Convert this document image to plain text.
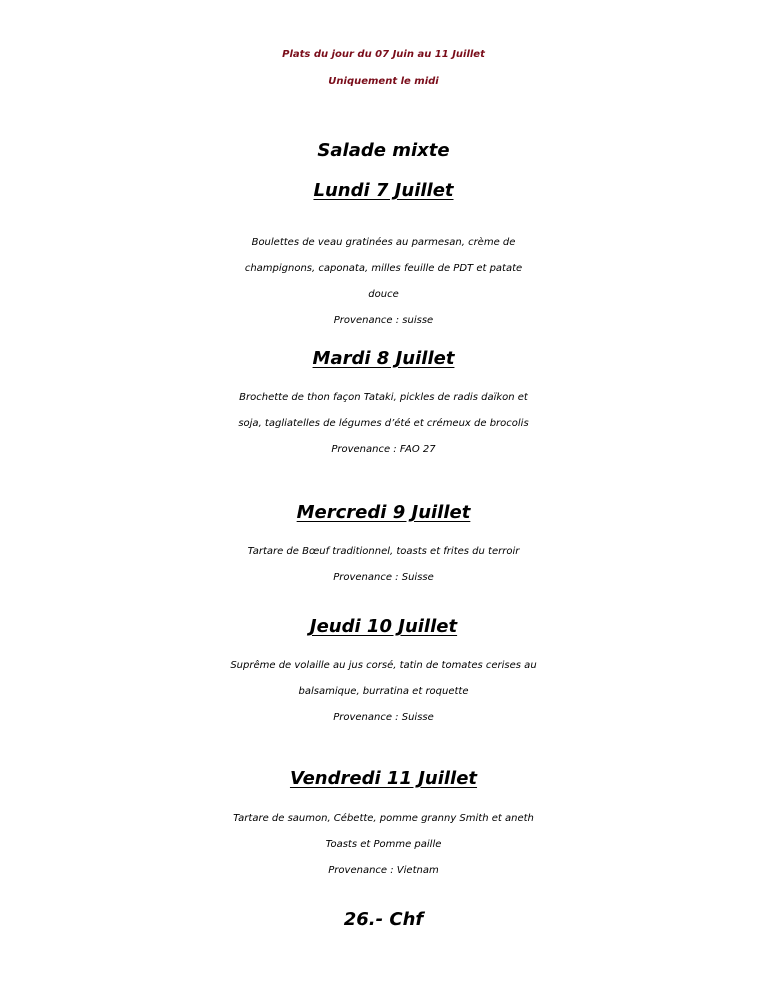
Plats du jour du 07 Juin au 11 Juillet
Uniquement le midi
Salade mixte
Lundi 7 Juillet
Boulettes de veau gratinées au parmesan, crème de
champignons, caponata, milles feuille de PDT et patate
douce
Provenance : suisse
Mardi 8 Juillet
Brochette de thon façon Tataki, pickles de radis daïkon et
soja, tagliatelles de légumes d’été et crémeux de brocolis
Provenance : FAO 27
Mercredi 9 Juillet
Tartare de Bœuf traditionnel, toasts et frites du terroir
Provenance : Suisse
Jeudi 10 Juillet
Suprême de volaille au jus corsé, tatin de tomates cerises au
balsamique, burratina et roquette
Provenance : Suisse
Vendredi 11 Juillet
Tartare de saumon, Cébette, pomme granny Smith et aneth
Toasts et Pomme paille
Provenance : Vietnam
26.- Chf
